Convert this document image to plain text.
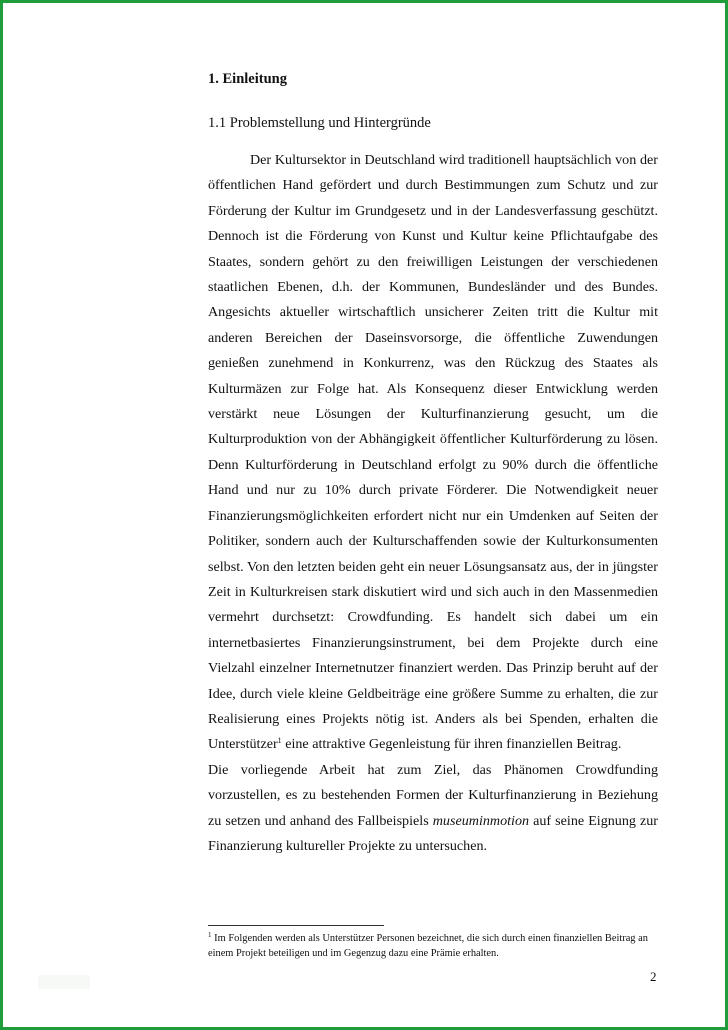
1. Einleitung
1.1 Problemstellung und Hintergründe

Der Kultursektor in Deutschland wird traditionell hauptsächlich von der öffentlichen Hand gefördert und durch Bestimmungen zum Schutz und zur Förderung der Kultur im Grundgesetz und in der Landesverfassung geschützt. Dennoch ist die Förderung von Kunst und Kultur keine Pflichtaufgabe des Staates, sondern gehört zu den freiwilligen Leistungen der verschiedenen staatlichen Ebenen, d.h. der Kommunen, Bundesländer und des Bundes. Angesichts aktueller wirtschaftlich unsicherer Zeiten tritt die Kultur mit anderen Bereichen der Daseinsvorsorge, die öffentliche Zuwendungen genießen zunehmend in Konkurrenz, was den Rückzug des Staates als Kulturmäzen zur Folge hat. Als Konsequenz dieser Entwicklung werden verstärkt neue Lösungen der Kulturfinanzierung gesucht, um die Kulturproduktion von der Abhängigkeit öffentlicher Kulturförderung zu lösen. Denn Kulturförderung in Deutschland erfolgt zu 90% durch die öffentliche Hand und nur zu 10% durch private Förderer. Die Notwendigkeit neuer Finanzierungsmöglichkeiten erfordert nicht nur ein Umdenken auf Seiten der Politiker, sondern auch der Kulturschaffenden sowie der Kulturkonsumenten selbst. Von den letzten beiden geht ein neuer Lösungsansatz aus, der in jüngster Zeit in Kulturkreisen stark diskutiert wird und sich auch in den Massenmedien vermehrt durchsetzt: Crowdfunding. Es handelt sich dabei um ein internetbasiertes Finanzierungsinstrument, bei dem Projekte durch eine Vielzahl einzelner Internetnutzer finanziert werden. Das Prinzip beruht auf der Idee, durch viele kleine Geldbeiträge eine größere Summe zu erhalten, die zur Realisierung eines Projekts nötig ist. Anders als bei Spenden, erhalten die Unterstützer$^1$ eine attraktive Gegenleistung für ihren finanziellen Beitrag.

Die vorliegende Arbeit hat zum Ziel, das Phänomen Crowdfunding vorzustellen, es zu bestehenden Formen der Kulturfinanzierung in Beziehung zu setzen und anhand des Fallbeispiels museuminmotion auf seine Eignung zur Finanzierung kultureller Projekte zu untersuchen.

$^1$ Im Folgenden werden als Unterstützer Personen bezeichnet, die sich durch einen finanziellen Beitrag an einem Projekt beteiligen und im Gegenzug dazu eine Prämie erhalten.
2
